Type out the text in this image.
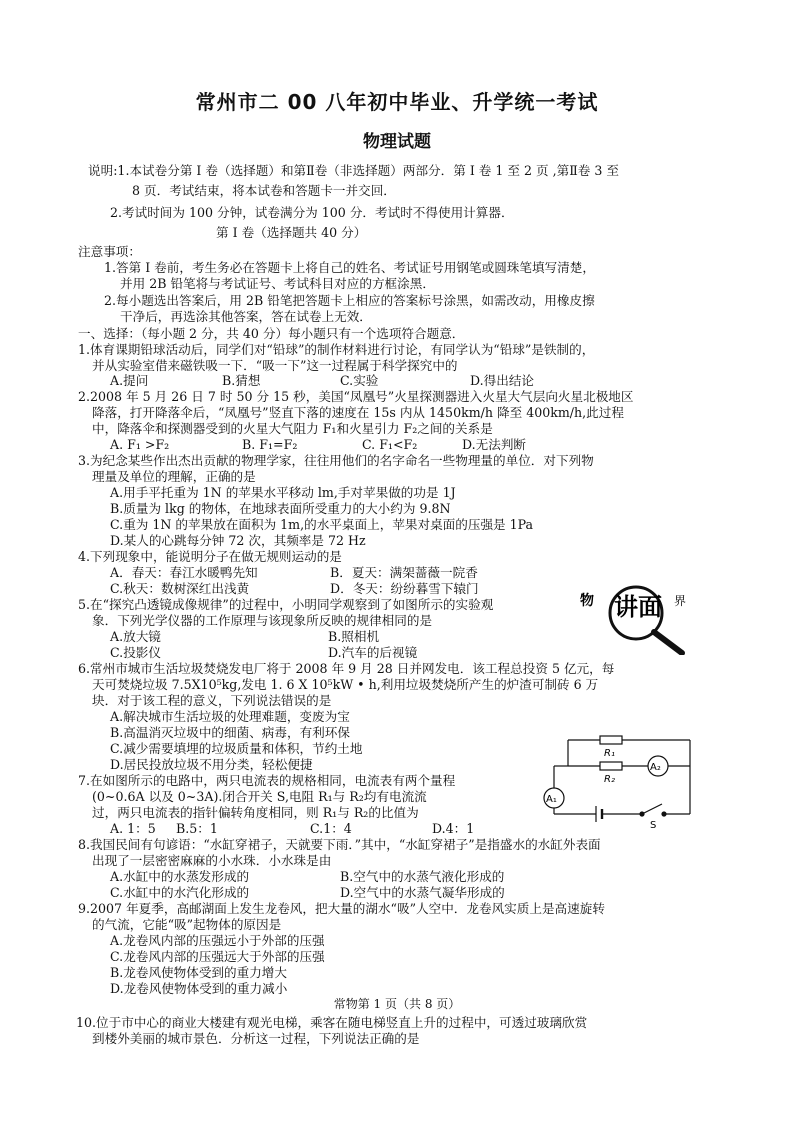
常州市二 00 八年初中毕业、升学统一考试
物理试题
说明:1.本试卷分第 I 卷（选择题）和第Ⅱ卷（非选择题）两部分．第 I 卷 1 至 2 页 ,第Ⅱ卷 3 至
8 页．考试结束，将本试卷和答题卡一并交回．
2.考试时间为 100 分钟，试卷满分为 100 分．考试时不得使用计算器．
第 I 卷（选择题共 40 分）
注意事项：
1.答第 I 卷前，考生务必在答题卡上将自己的姓名、考试证号用钢笔或圆珠笔填写清楚，
并用 2B 铅笔将与考试证号、考试科目对应的方框涂黑．
2.每小题选出答案后，用 2B 铅笔把答题卡上相应的答案标号涂黑，如需改动，用橡皮擦
干净后，再选涂其他答案，答在试卷上无效．
一、选择：（每小题 2 分，共 40 分）每小题只有一个选项符合题意．
1.体育课期铅球活动后，同学们对“铅球”的制作材料进行讨论，有同学认为“铅球”是铁制的，
并从实验室借来磁铁吸一下．“吸一下”这一过程属于科学探究中的
A.提问	B.猜想	C.实验	D.得出结论
2.2008 年 5 月 26 日 7 时 50 分 15 秒，美国“凤凰号”火星探测器进入火星大气层向火星北极地区
降落，打开降落伞后，“凤凰号”竖直下落的速度在 15s 内从 1450km/h 降至 400km/h,此过程
中，降落伞和探测器受到的火星大气阻力 F₁和火星引力 F₂之间的关系是
A. F₁ >F₂	B. F₁=F₂	C. F₁<F₂	D.无法判断
3.为纪念某些作出杰出贡献的物理学家，往往用他们的名字命名一些物理量的单位．对下列物
理量及单位的理解，正确的是
A.用手平托重为 1N 的苹果水平移动 lm,手对苹果做的功是 1J
B.质量为 lkg 的物体，在地球表面所受重力的大小约为 9.8N
C.重为 1N 的苹果放在面积为 1m,的水平桌面上，苹果对桌面的压强是 1Pa
D.某人的心跳每分钟 72 次，其频率是 72 Hz
4.下列现象中，能说明分子在做无规则运动的是
A．春天：春江水暖鸭先知	B．夏天：满架蔷薇一院香
C.秋天：数树深红出浅黄	D．冬天：纷纷暮雪下辕门
5.在“探究凸透镜成像规律”的过程中，小明同学观察到了如图所示的实验观
象．下列光学仪器的工作原理与该现象所反映的规律相同的是
A.放大镜	B.照相机
C.投影仪	D.汽车的后视镜
物 讲 面 界
6.常州市城市生活垃圾焚烧发电厂将于 2008 年 9 月 28 日并网发电．该工程总投资 5 亿元，每
天可焚烧垃圾 7.5X10⁵kg,发电 1. 6 X 10⁵kW • h,利用垃圾焚烧所产生的炉渣可制砖 6 万
块．对于该工程的意义，下列说法错误的是
A.解决城市生活垃圾的处理难题，变废为宝
B.高温消灭垃圾中的细菌、病毒，有利环保
C.减少需要填埋的垃圾质量和体积，节约土地
D.居民投放垃圾不用分类，轻松便捷
7.在如图所示的电路中，两只电流表的规格相同，电流表有两个量程
(0~0.6A 以及 0~3A).闭合开关 S,电阻 R₁与 R₂均有电流流
过，两只电流表的指针偏转角度相同，则 R₁与 R₂的比值为
A. 1：5 B.5：1	C.1：4	D.4：1
R₁
R₂
A₂
A₁
S
8.我国民间有句谚语：“水缸穿裙子，天就要下雨．”其中，“水缸穿裙子”是指盛水的水缸外表面
出现了一层密密麻麻的小水珠．小水珠是由
A.水缸中的水蒸发形成的	B.空气中的水蒸气液化形成的
C.水缸中的水汽化形成的	D.空气中的水蒸气凝华形成的
9.2007 年夏季，高邮湖面上发生龙卷风，把大量的湖水“吸”人空中．龙卷风实质上是高速旋转
的气流，它能“吸”起物体的原因是
A.龙卷风内部的压强远小于外部的压强
C.龙卷风内部的压强远大于外部的压强
B.龙卷风使物体受到的重力增大
D.龙卷风使物体受到的重力减小
常物第 1 页（共 8 页）
10.位于市中心的商业大楼建有观光电梯，乘客在随电梯竖直上升的过程中，可透过玻璃欣赏
到楼外美丽的城市景色．分析这一过程，下列说法正确的是
